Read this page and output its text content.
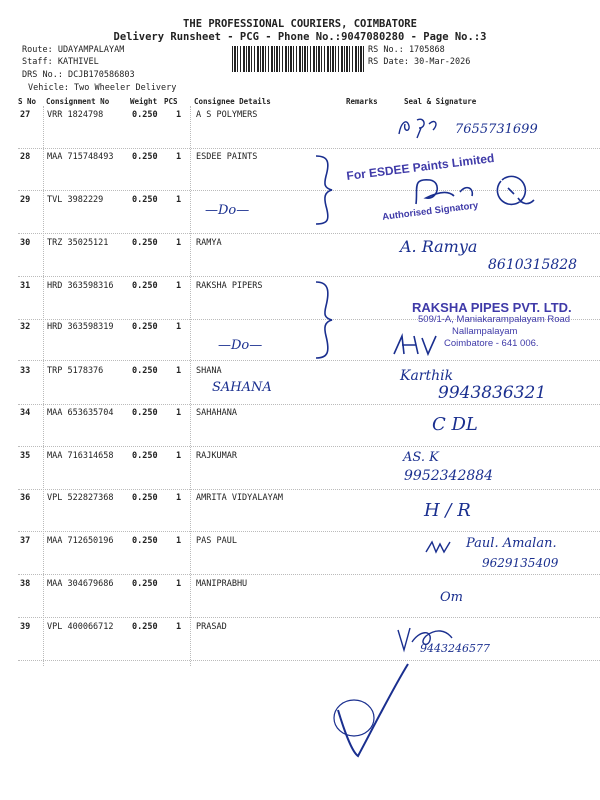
THE PROFESSIONAL COURIERS, COIMBATORE
Delivery Runsheet - PCG - Phone No.:9047080280 - Page No.:3
Route: UDAYAMPALAYAM
Staff: KATHIVEL
DRS No.: DCJB170586803
Vehicle: Two Wheeler Delivery
RS No.: 1705868
RS Date: 30-Mar-2026
S No Consignment No	Weight PCS Consignee Details	Remarks	Seal & Signature
27 VRR 1824798	0.250 1 A S POLYMERS
28 MAA 715748493 0.250 1 ESDEE PAINTS
29 TVL 3982229	0.250 1
30 TRZ 35025121	0.250 1 RAMYA
31 HRD 363598316 0.250 1 RAKSHA PIPERS
32 HRD 363598319 0.250 1
33 TRP 5178376	0.250 1 SHANA
34 MAA 653635704 0.250 1 SAHAHANA
35 MAA 716314658 0.250 1 RAJKUMAR
36 VPL 522827368 0.250 1 AMRITA VIDYALAYAM
37 MAA 712650196 0.250 1 PAS PAUL
38 MAA 304679686 0.250 1 MANIPRABHU
39 VPL 400066712 0.250 1 PRASAD
7655731699
—Do—
A. Ramya
8610315828
—Do—
SAHANA
Karthik
9943836321
C DL
AS. K
9952342884
H / R
Paul. Amalan.
9629135409
Om
9443246577
For ESDEE Paints Limited
Authorised Signatory
RAKSHA PIPES PVT. LTD.
509/1-A, Maniakarampalayam Road
Nallampalayam
Coimbatore - 641 006.
